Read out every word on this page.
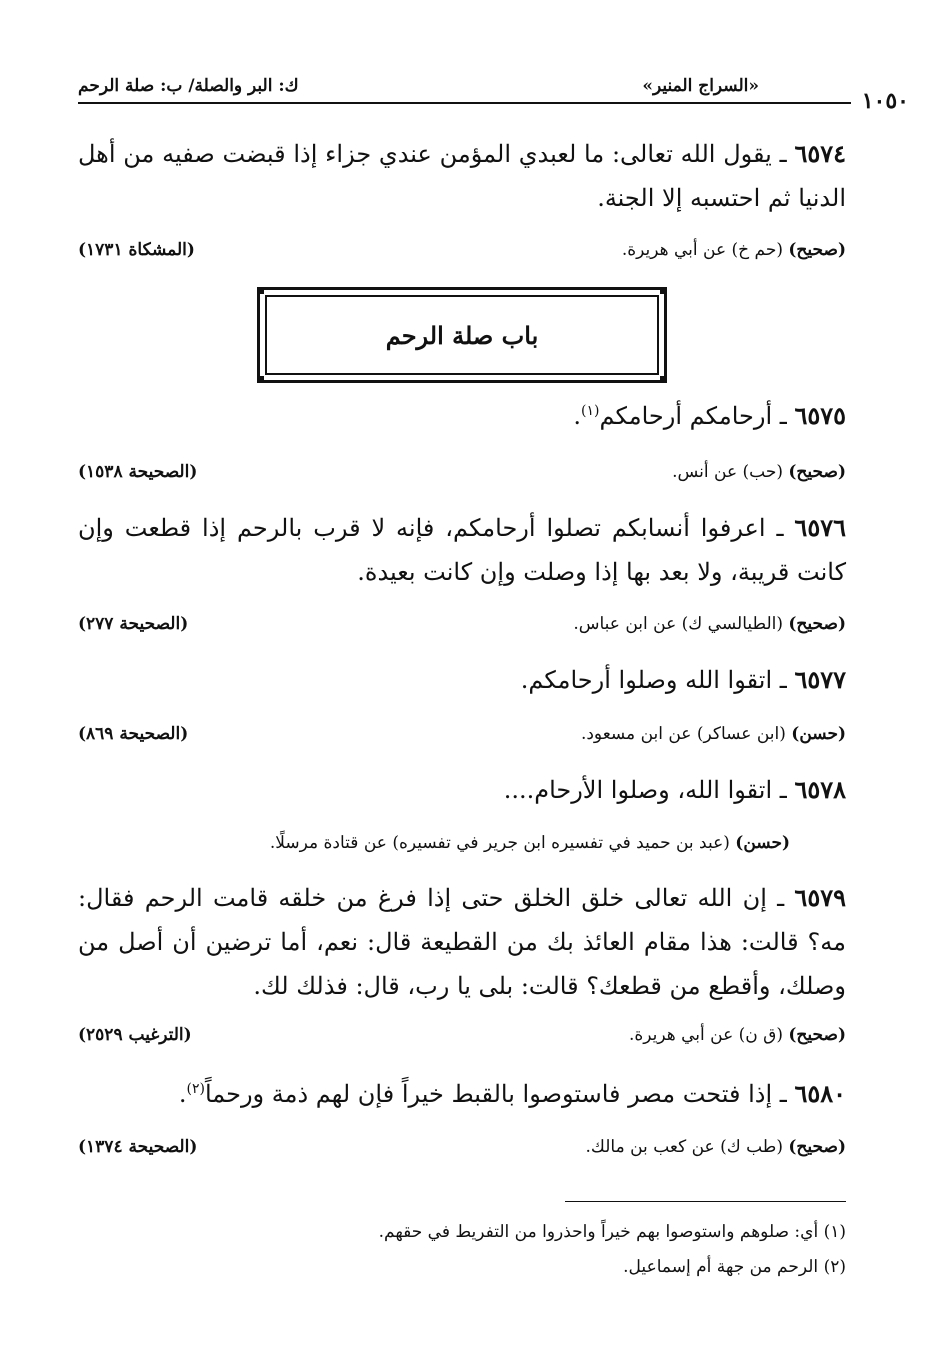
«السراج المنير»
ك: البر والصلة/ ب: صلة الرحم
١٠٥٠
٦٥٧٤ ـ يقول الله تعالى: ما لعبدي المؤمن عندي جزاء إذا قبضت صفيه من أهل الدنيا ثم احتسبه إلا الجنة.
(صحيح) (حم خ) عن أبي هريرة.
(المشكاة ١٧٣١)
باب صلة الرحم
٦٥٧٥ ـ أرحامكم أرحامكم$^{(١)}$.
(صحيح) (حب) عن أنس.
(الصحيحة ١٥٣٨)
٦٥٧٦ ـ اعرفوا أنسابكم تصلوا أرحامكم، فإنه لا قرب بالرحم إذا قطعت وإن كانت قريبة، ولا بعد بها إذا وصلت وإن كانت بعيدة.
(صحيح) (الطيالسي ك) عن ابن عباس.
(الصحيحة ٢٧٧)
٦٥٧٧ ـ اتقوا الله وصلوا أرحامكم.
(حسن) (ابن عساكر) عن ابن مسعود.
(الصحيحة ٨٦٩)
٦٥٧٨ ـ اتقوا الله، وصلوا الأرحام....
(حسن) (عبد بن حميد في تفسيره ابن جرير في تفسيره) عن قتادة مرسلًا.
٦٥٧٩ ـ إن الله تعالى خلق الخلق حتى إذا فرغ من خلقه قامت الرحم فقال: مه؟ قالت: هذا مقام العائذ بك من القطيعة قال: نعم، أما ترضين أن أصل من وصلك، وأقطع من قطعك؟ قالت: بلى يا رب، قال: فذلك لك.
(صحيح) (ق ن) عن أبي هريرة.
(الترغيب ٢٥٢٩)
٦٥٨٠ ـ إذا فتحت مصر فاستوصوا بالقبط خيراً فإن لهم ذمة ورحماً$^{(٢)}$.
(صحيح) (طب ك) عن كعب بن مالك.
(الصحيحة ١٣٧٤)
(١) أي: صلوهم واستوصوا بهم خيراً واحذروا من التفريط في حقهم.
(٢) الرحم من جهة أم إسماعيل.
